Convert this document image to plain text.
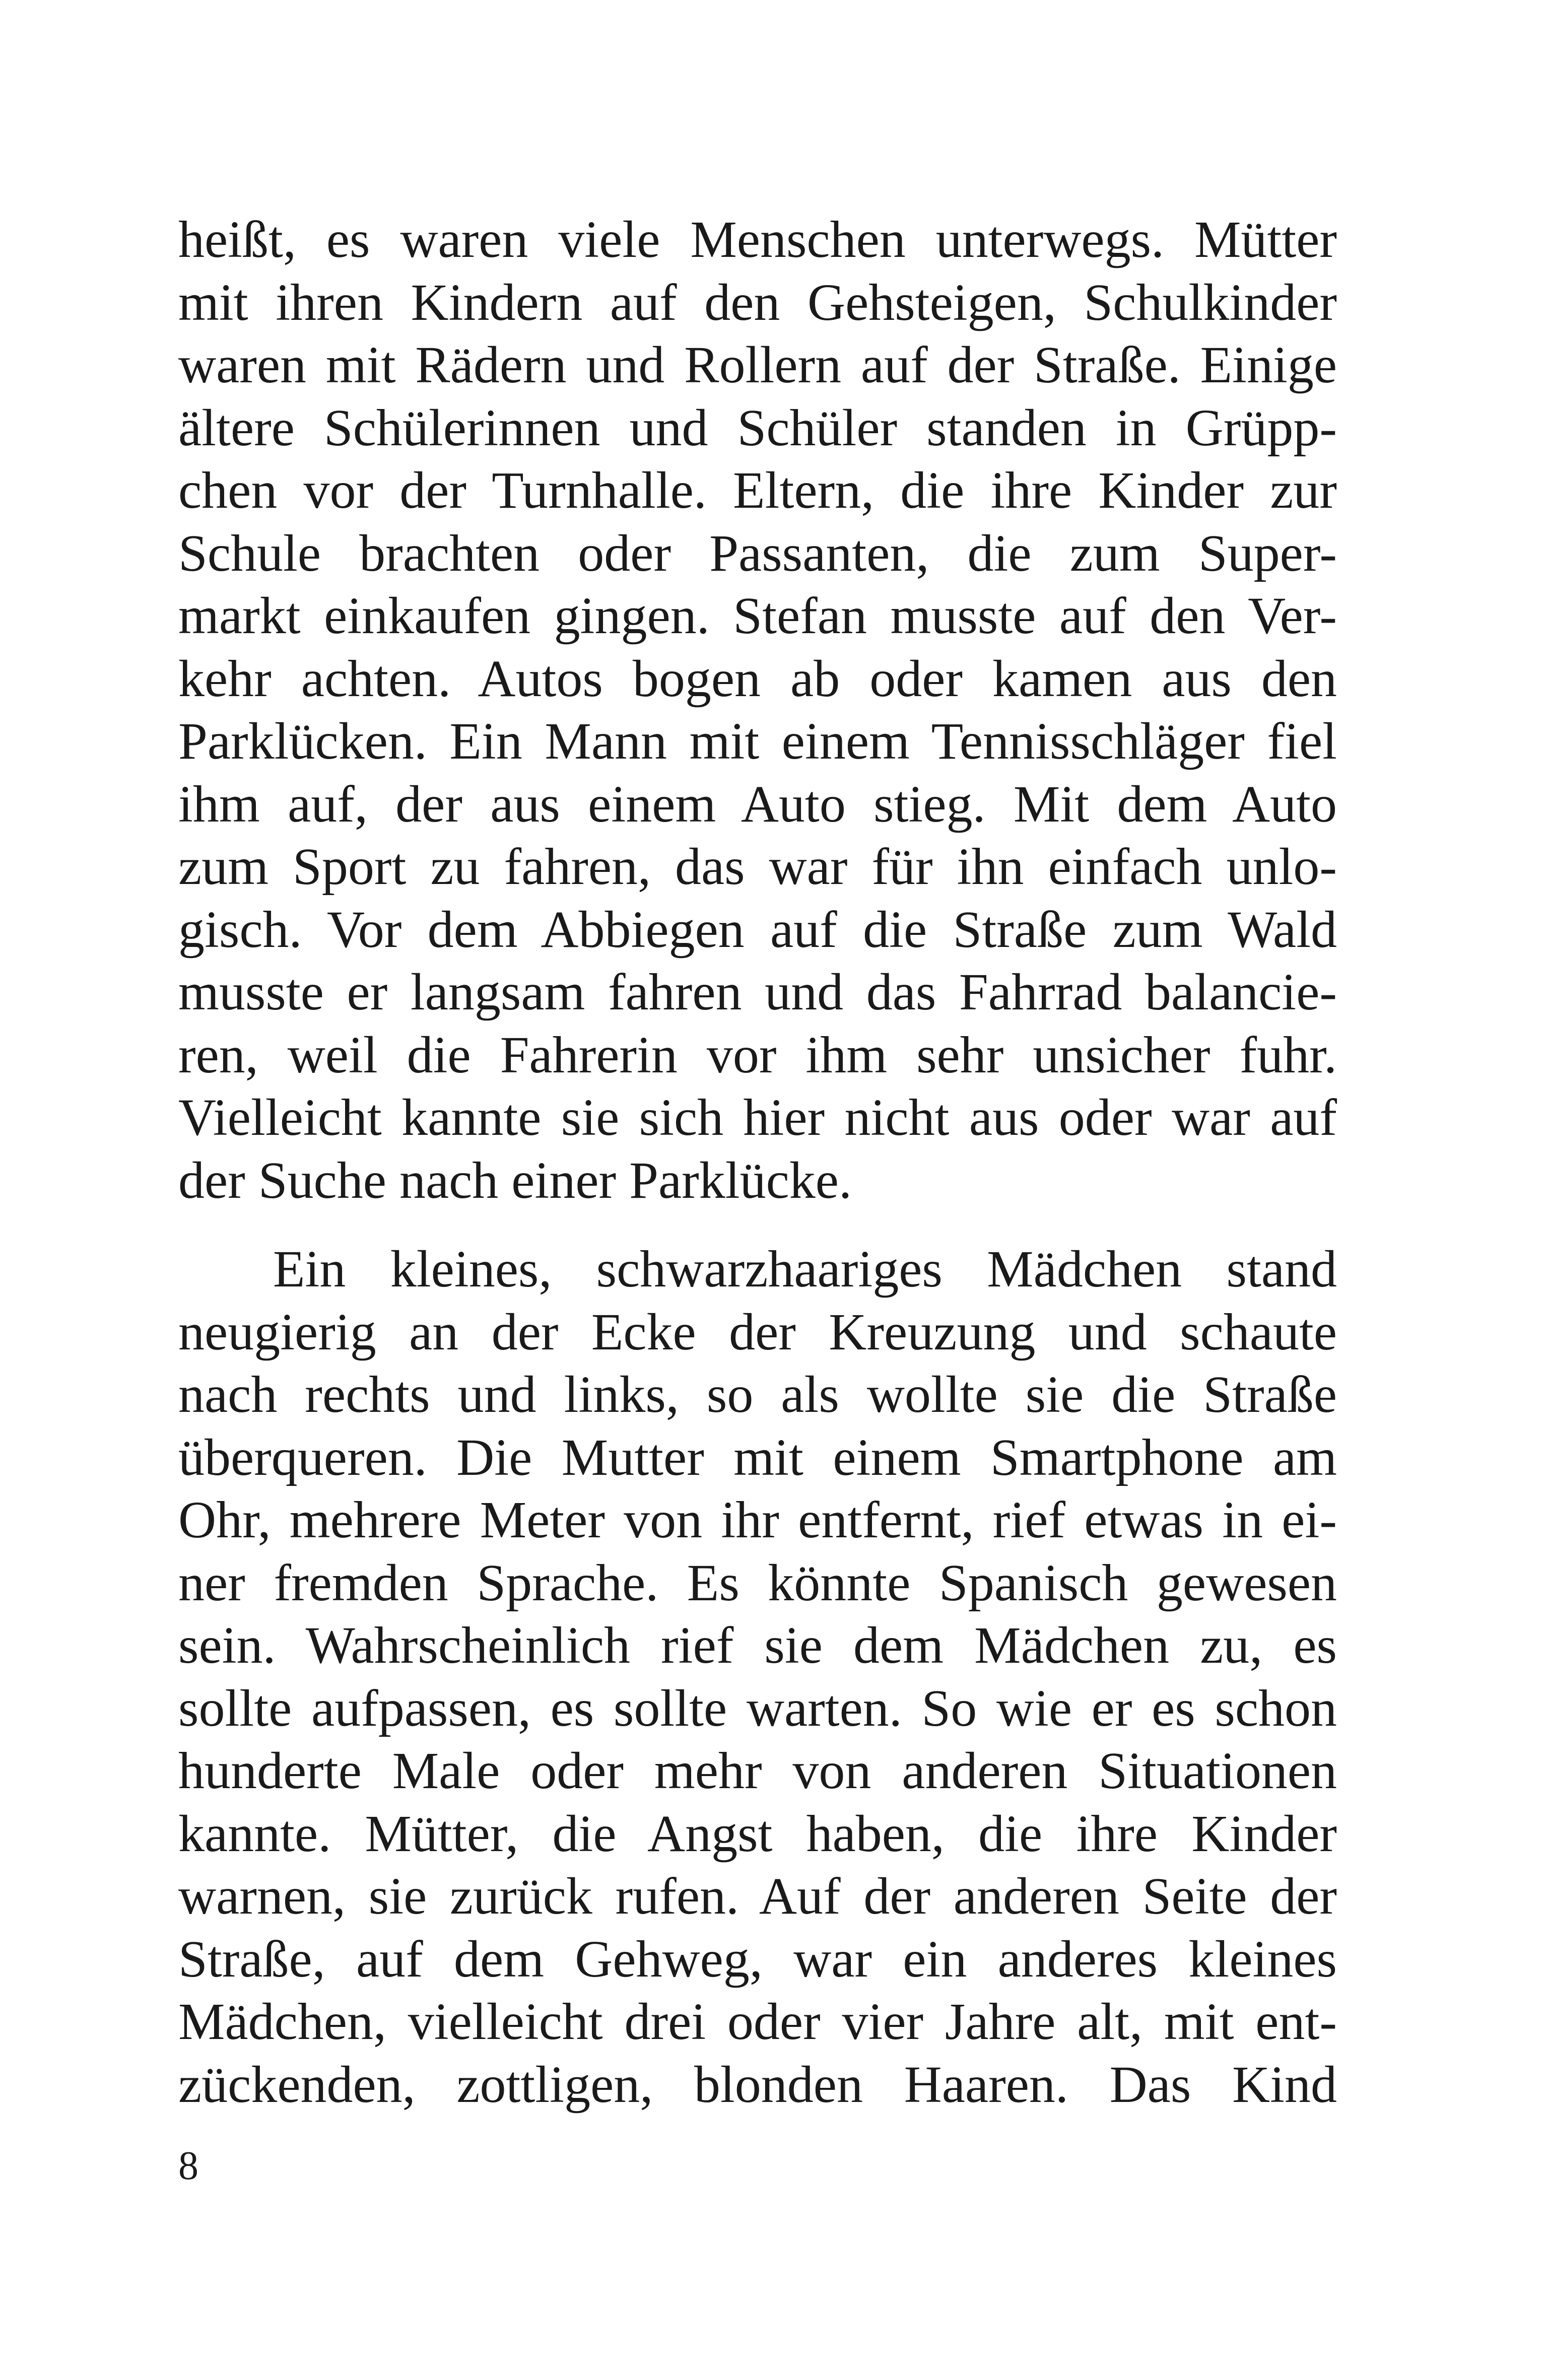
heißt, es waren viele Menschen unterwegs. Mütter
mit ihren Kindern auf den Gehsteigen, Schulkinder
waren mit Rädern und Rollern auf der Straße. Einige
ältere Schülerinnen und Schüler standen in Grüpp-
chen vor der Turnhalle. Eltern, die ihre Kinder zur
Schule brachten oder Passanten, die zum Super-
markt einkaufen gingen. Stefan musste auf den Ver-
kehr achten. Autos bogen ab oder kamen aus den
Parklücken. Ein Mann mit einem Tennisschläger fiel
ihm auf, der aus einem Auto stieg. Mit dem Auto
zum Sport zu fahren, das war für ihn einfach unlo-
gisch. Vor dem Abbiegen auf die Straße zum Wald
musste er langsam fahren und das Fahrrad balancie-
ren, weil die Fahrerin vor ihm sehr unsicher fuhr.
Vielleicht kannte sie sich hier nicht aus oder war auf
der Suche nach einer Parklücke.

Ein kleines, schwarzhaariges Mädchen stand
neugierig an der Ecke der Kreuzung und schaute
nach rechts und links, so als wollte sie die Straße
überqueren. Die Mutter mit einem Smartphone am
Ohr, mehrere Meter von ihr entfernt, rief etwas in ei-
ner fremden Sprache. Es könnte Spanisch gewesen
sein. Wahrscheinlich rief sie dem Mädchen zu, es
sollte aufpassen, es sollte warten. So wie er es schon
hunderte Male oder mehr von anderen Situationen
kannte. Mütter, die Angst haben, die ihre Kinder
warnen, sie zurück rufen. Auf der anderen Seite der
Straße, auf dem Gehweg, war ein anderes kleines
Mädchen, vielleicht drei oder vier Jahre alt, mit ent-
zückenden, zottligen, blonden Haaren. Das Kind

8
